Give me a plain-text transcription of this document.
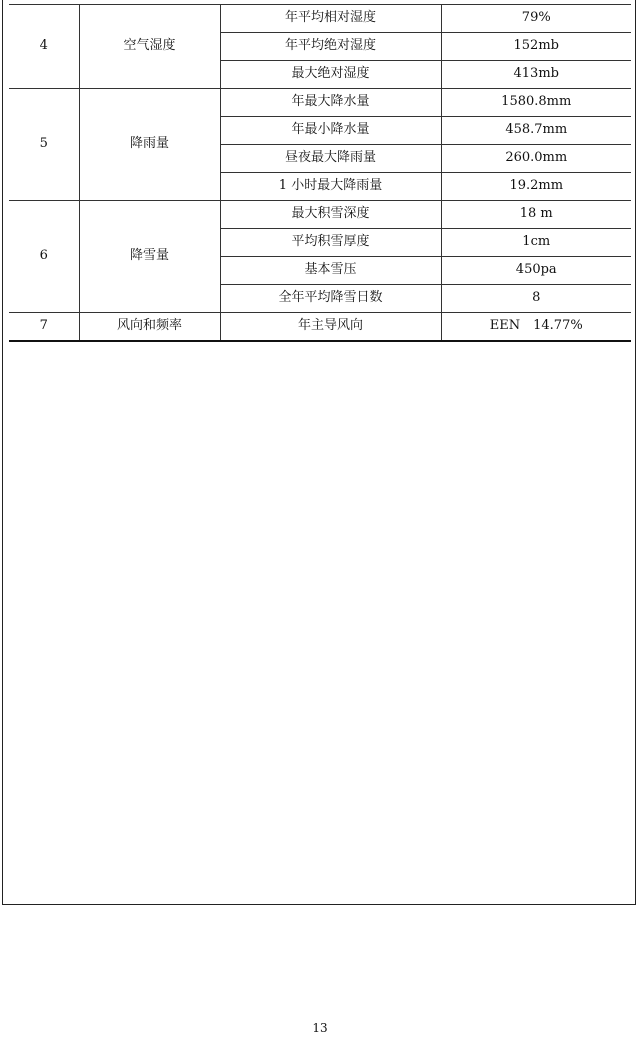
4	空气湿度	年平均相对湿度	79%
		年平均绝对湿度	152mb
		最大绝对湿度	413mb
5	降雨量	年最大降水量	1580.8mm
		年最小降水量	458.7mm
		昼夜最大降雨量	260.0mm
		1 小时最大降雨量	19.2mm
6	降雪量	最大积雪深度	18 m
		平均积雪厚度	1cm
		基本雪压	450pa
		全年平均降雪日数	8
7	风向和频率	年主导风向	EEN　14.77%
13
